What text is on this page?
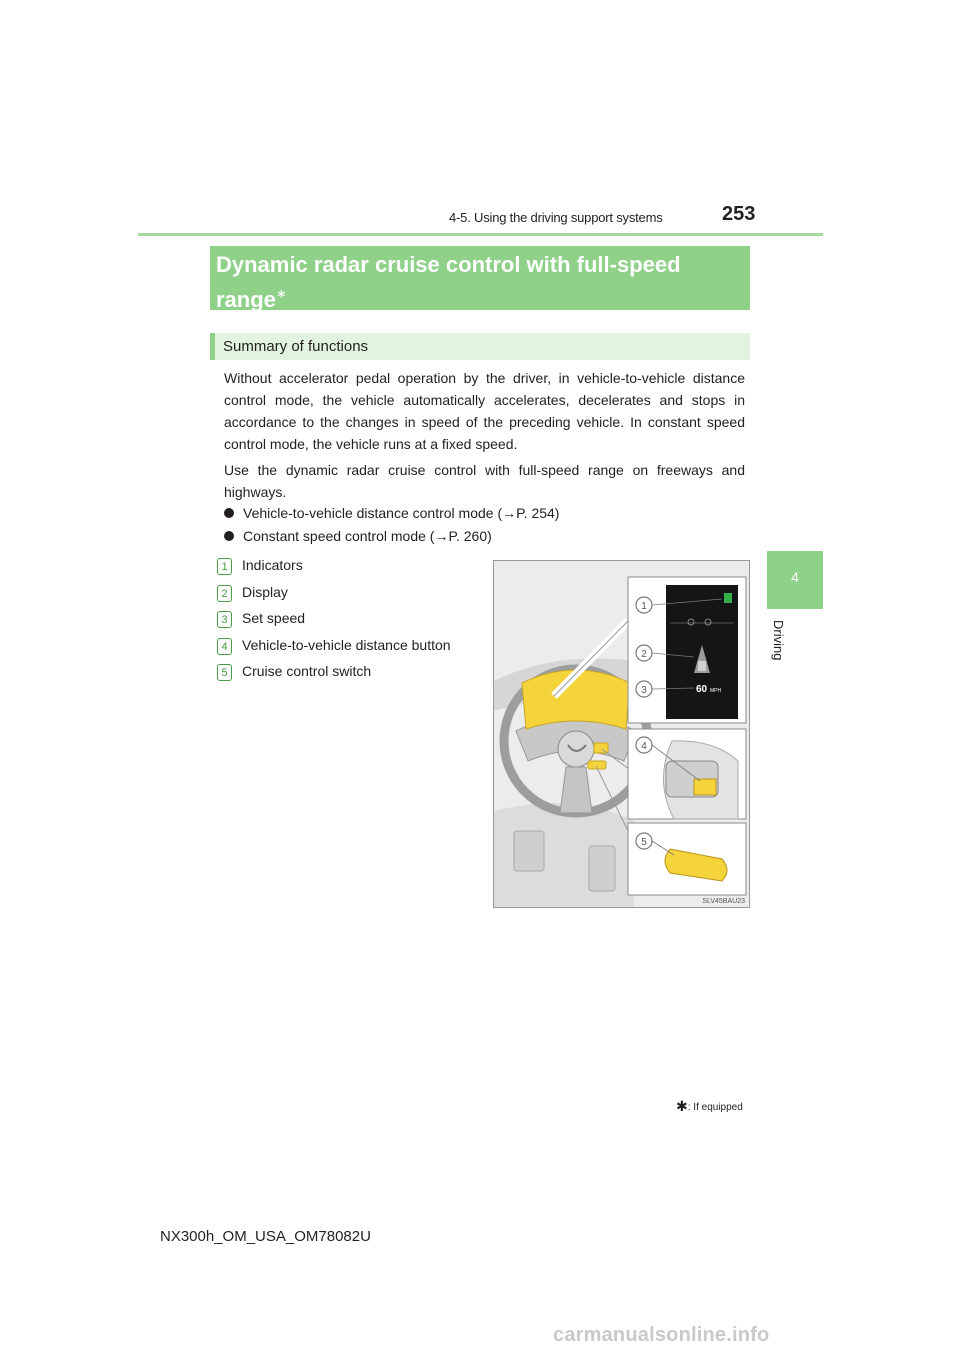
4-5. Using the driving support systems	253
4
Driving
Dynamic radar cruise control with full-speed range∗
Summary of functions
Without accelerator pedal operation by the driver, in vehicle-to-vehicle distance control mode, the vehicle automatically accelerates, decelerates and stops in accordance to the changes in speed of the preceding vehicle. In constant speed control mode, the vehicle runs at a fixed speed.
Use the dynamic radar cruise control with full-speed range on freeways and highways.
Vehicle-to-vehicle distance control mode (→P. 254)
Constant speed control mode (→P. 260)
1	Indicators
2	Display
3	Set speed
4	Vehicle-to-vehicle distance button
5	Cruise control switch
1
2
3	60 MPH
4
5
SLV45BAU23
✱: If equipped
NX300h_OM_USA_OM78082U
carmanualsonline.info
